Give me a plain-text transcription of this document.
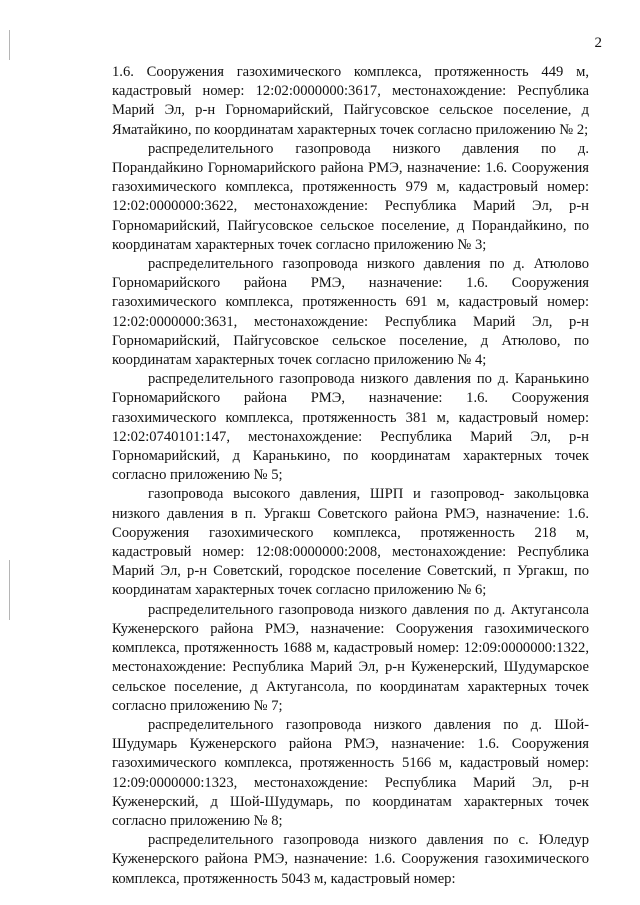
2

1.6. Сооружения газохимического комплекса, протяженность 449 м, кадастровый номер: 12:02:0000000:3617, местонахождение: Республика Марий Эл, р-н Горномарийский, Пайгусовское сельское поселение, д Яматайкино, по координатам характерных точек согласно приложению № 2;

распределительного газопровода низкого давления по д. Порандайкино Горномарийского района РМЭ, назначение: 1.6. Сооружения газохимического комплекса, протяженность 979 м, кадастровый номер: 12:02:0000000:3622, местонахождение: Республика Марий Эл, р-н Горномарийский, Пайгусовское сельское поселение, д Порандайкино, по координатам характерных точек согласно приложению № 3;

распределительного газопровода низкого давления по д. Атюлово Горномарийского района РМЭ, назначение: 1.6. Сооружения газохимического комплекса, протяженность 691 м, кадастровый номер: 12:02:0000000:3631, местонахождение: Республика Марий Эл, р-н Горномарийский, Пайгусовское сельское поселение, д Атюлово, по координатам характерных точек согласно приложению № 4;

распределительного газопровода низкого давления по д. Каранькино Горномарийского района РМЭ, назначение: 1.6. Сооружения газохимического комплекса, протяженность 381 м, кадастровый номер: 12:02:0740101:147, местонахождение: Республика Марий Эл, р-н Горномарийский, д Каранькино, по координатам характерных точек согласно приложению № 5;

газопровода высокого давления, ШРП и газопровод- закольцовка низкого давления в п. Ургакш Советского района РМЭ, назначение: 1.6. Сооружения газохимического комплекса, протяженность 218 м, кадастровый номер: 12:08:0000000:2008, местонахождение: Республика Марий Эл, р-н Советский, городское поселение Советский, п Ургакш, по координатам характерных точек согласно приложению № 6;

распределительного газопровода низкого давления по д. Актугансола Куженерского района РМЭ, назначение: Сооружения газохимического комплекса, протяженность 1688 м, кадастровый номер: 12:09:0000000:1322, местонахождение: Республика Марий Эл, р-н Куженерский, Шудумарское сельское поселение, д Актугансола, по координатам характерных точек согласно приложению № 7;

распределительного газопровода низкого давления по д. Шой-Шудумарь Куженерского района РМЭ, назначение: 1.6. Сооружения газохимического комплекса, протяженность 5166 м, кадастровый номер: 12:09:0000000:1323, местонахождение: Республика Марий Эл, р-н Куженерский, д Шой-Шудумарь, по координатам характерных точек согласно приложению № 8;

распределительного газопровода низкого давления по с. Юледур Куженерского района РМЭ, назначение: 1.6. Сооружения газохимического комплекса, протяженность 5043 м, кадастровый номер:
